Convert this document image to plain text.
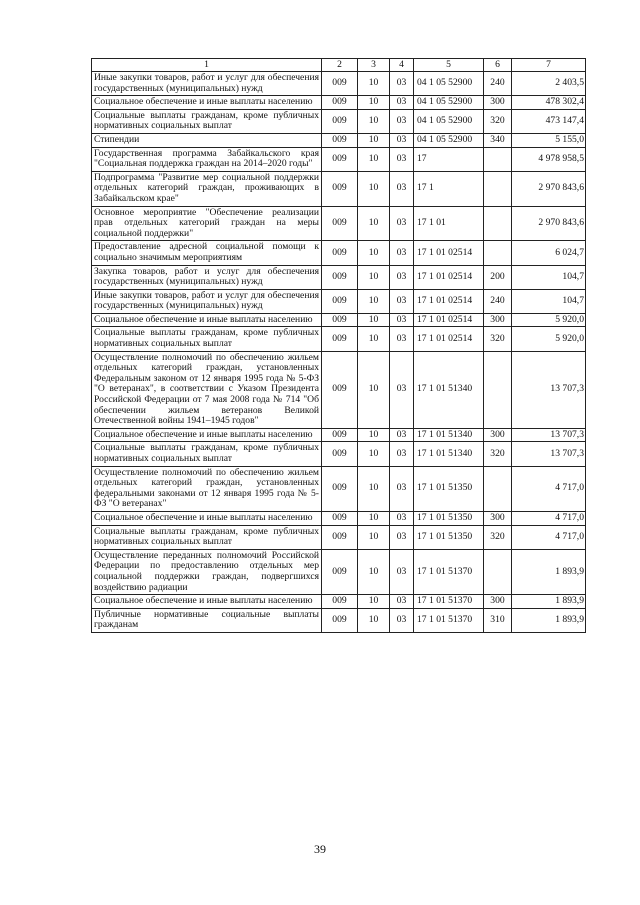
1	2	3	4	5	6	7
Иные закупки товаров, работ и услуг для обеспечения государственных (муниципальных) нужд	009	10	03	04 1 05 52900	240	2 403,5
Социальное обеспечение и иные выплаты населению	009	10	03	04 1 05 52900	300	478 302,4
Социальные выплаты гражданам, кроме публичных нормативных социальных выплат	009	10	03	04 1 05 52900	320	473 147,4
Стипендии	009	10	03	04 1 05 52900	340	5 155,0
Государственная программа Забайкальского края "Социальная поддержка граждан на 2014–2020 годы"	009	10	03	17		4 978 958,5
Подпрограмма "Развитие мер социальной поддержки отдельных категорий граждан, проживающих в Забайкальском крае"	009	10	03	17 1		2 970 843,6
Основное мероприятие "Обеспечение реализации прав отдельных категорий граждан на меры социальной поддержки"	009	10	03	17 1 01		2 970 843,6
Предоставление адресной социальной помощи к социально значимым мероприятиям	009	10	03	17 1 01 02514		6 024,7
Закупка товаров, работ и услуг для обеспечения государственных (муниципальных) нужд	009	10	03	17 1 01 02514	200	104,7
Иные закупки товаров, работ и услуг для обеспечения государственных (муниципальных) нужд	009	10	03	17 1 01 02514	240	104,7
Социальное обеспечение и иные выплаты населению	009	10	03	17 1 01 02514	300	5 920,0
Социальные выплаты гражданам, кроме публичных нормативных социальных выплат	009	10	03	17 1 01 02514	320	5 920,0
Осуществление полномочий по обеспечению жильем отдельных категорий граждан, установленных Федеральным законом от 12 января 1995 года № 5-ФЗ "О ветеранах", в соответствии с Указом Президента Российской Федерации от 7 мая 2008 года № 714 "Об обеспечении жильем ветеранов Великой Отечественной войны 1941–1945 годов"	009	10	03	17 1 01 51340		13 707,3
Социальное обеспечение и иные выплаты населению	009	10	03	17 1 01 51340	300	13 707,3
Социальные выплаты гражданам, кроме публичных нормативных социальных выплат	009	10	03	17 1 01 51340	320	13 707,3
Осуществление полномочий по обеспечению жильем отдельных категорий граждан, установленных федеральными законами от 12 января 1995 года № 5-ФЗ "О ветеранах"	009	10	03	17 1 01 51350		4 717,0
Социальное обеспечение и иные выплаты населению	009	10	03	17 1 01 51350	300	4 717,0
Социальные выплаты гражданам, кроме публичных нормативных социальных выплат	009	10	03	17 1 01 51350	320	4 717,0
Осуществление переданных полномочий Российской Федерации по предоставлению отдельных мер социальной поддержки граждан, подвергшихся воздействию радиации	009	10	03	17 1 01 51370		1 893,9
Социальное обеспечение и иные выплаты населению	009	10	03	17 1 01 51370	300	1 893,9
Публичные нормативные социальные выплаты гражданам	009	10	03	17 1 01 51370	310	1 893,9
39
